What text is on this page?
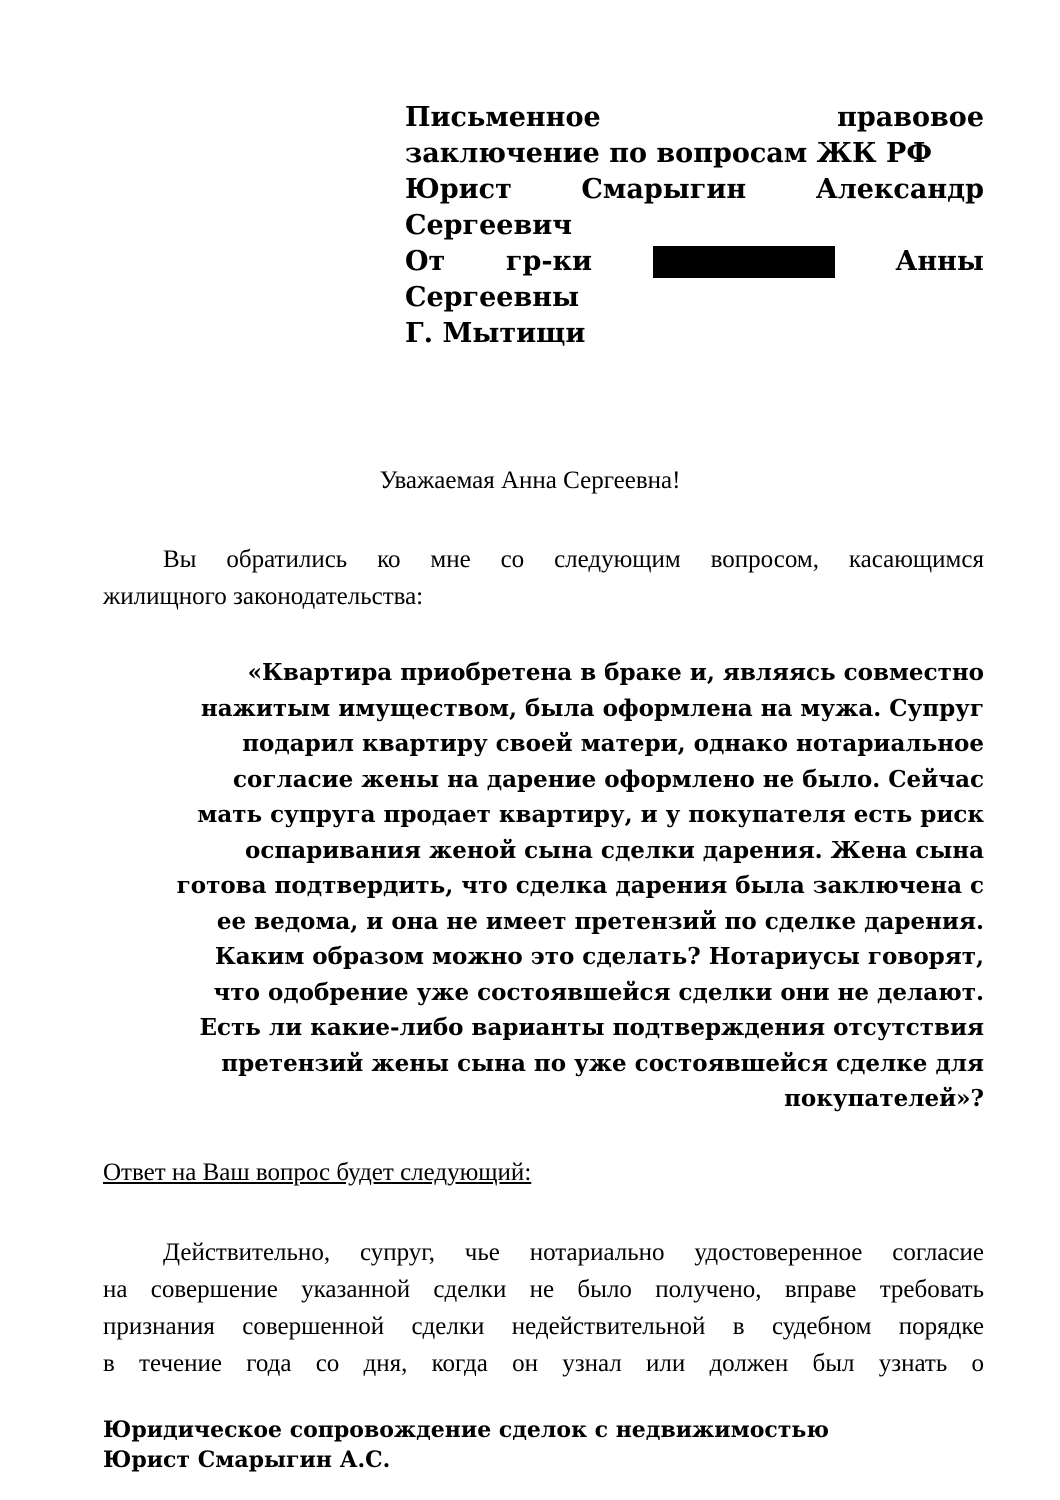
Письменное	правовое
заключение по вопросам ЖК РФ
Юрист	Смарыгин	Александр
Сергеевич
От гр-ки	Анны
Сергеевны
Г. Мытищи
Уважаемая Анна Сергеевна!
Вы обратились ко мне со следующим вопросом, касающимся
жилищного законодательства:
«Квартира приобретена в браке и, являясь совместно
нажитым имуществом, была оформлена на мужа. Супруг
подарил квартиру своей матери, однако нотариальное
согласие жены на дарение оформлено не было. Сейчас
мать супруга продает квартиру, и у покупателя есть риск
оспаривания женой сына сделки дарения. Жена сына
готова подтвердить, что сделка дарения была заключена с
ее ведома, и она не имеет претензий по сделке дарения.
Каким образом можно это сделать? Нотариусы говорят,
что одобрение уже состоявшейся сделки они не делают.
Есть ли какие-либо варианты подтверждения отсутствия
претензий жены сына по уже состоявшейся сделке для
покупателей»?
Ответ на Ваш вопрос будет следующий:
Действительно, супруг, чье нотариально удостоверенное согласие
на совершение указанной сделки не было получено, вправе требовать
признания совершенной сделки недействительной в судебном порядке
в течение года со дня, когда он узнал или должен был узнать о
Юридическое сопровождение сделок с недвижимостью
Юрист Смарыгин А.С.
